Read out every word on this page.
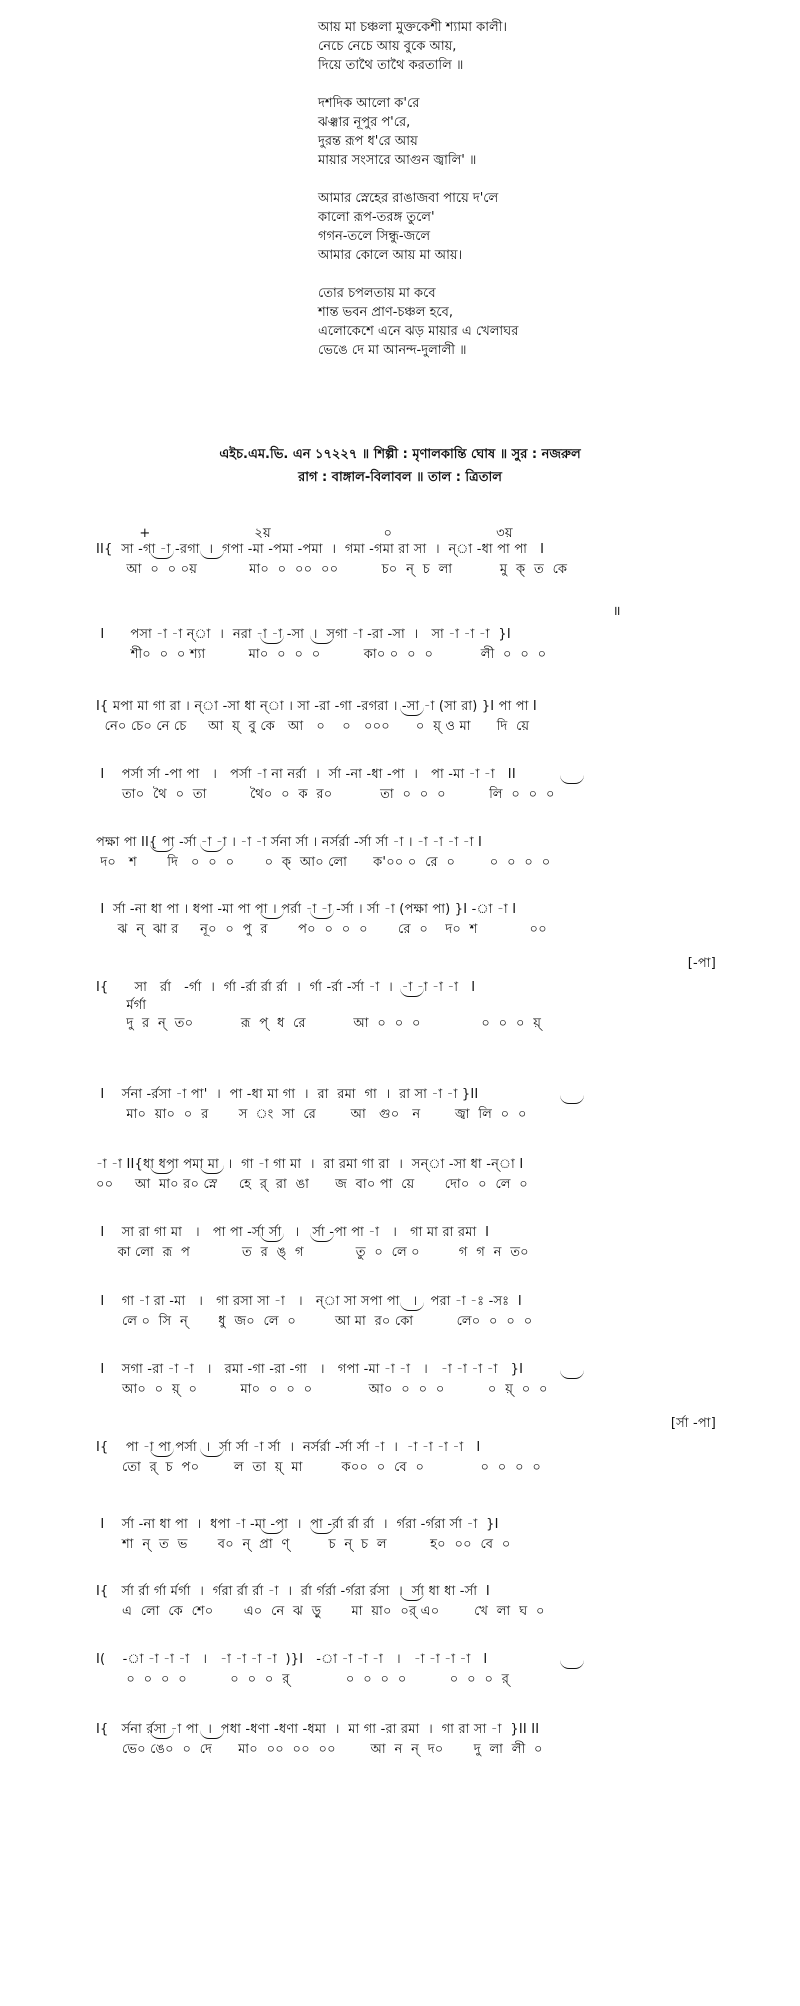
আয় মা চঞ্চলা মুক্তকেশী শ্যামা কালী।
নেচে নেচে আয় বুকে আয়,
দিয়ে তাথৈ তাথৈ করতালি ॥
দশদিক আলো ক'রে
ঝঞ্ঝার নূপুর প'রে,
দুরন্ত রূপ ধ'রে আয়
মায়ার সংসারে আগুন জ্বালি' ॥
আমার স্নেহের রাঙাজবা পায়ে দ'লে
কালো রূপ-তরঙ্গ তুলে'
গগন-তলে সিন্ধু-জলে
আমার কোলে আয় মা আয়।
তোর চপলতায় মা কবে
শান্ত ভবন প্রাণ-চঞ্চল হবে,
এলোকেশে এনে ঝড় মায়ার এ খেলাঘর
ভেঙে দে মা আনন্দ-দুলালী ॥
এইচ.এম.ভি. এন ১৭২২৭ ॥ শিল্পী : মৃণালকান্তি ঘোষ ॥ সুর : নজরুল
রাগ : বাঙ্গাল-বিলাবল ॥ তাল : ত্রিতাল
+                        ২য়                          ০                        ৩য়
II{  সা -গা -া -রগা  ।  গপা -মা -পমা -পমা  ।  গমা -গমা রা সা  ।  ন্া -ধা পা পা   I
আ  ০  ০ ০য়            মা০  ০  ০০  ০০          চ০  ন্  চ  লা           মু  ক্  ত  কে
॥
I      পসা -া -া ন্া  ।  নরা -া -া -সা  ।  সগা -া -রা -সা  ।   সা -া -া -া  }I
শী০  ০  ০ শ্যা          মা০  ০  ০  ০          কা০ ০  ০  ০           লী  ০  ০  ০
I{ মপা মা গা রা । ন্া -সা ধা ন্া । সা -রা -গা -রগরা । -সা -া (সা রা) }I পা পা I
নে০ চে০ নে চে     আ  য়্  বু কে   আ   ০    ০   ০০০      ০  য়্ ও মা      দি  য়ে
I    পর্সা র্সা -পা পা   ।   পর্সা -া না নর্রা  ।  র্সা -না -ধা -পা  ।   পা -মা -া -া   II
তা০  থৈ  ০  তা          থৈ০  ০  ক  র০           তা  ০  ০  ০          লি  ০  ০  ০
পক্ষা পা II{ পা -র্সা -া -া । -া -া র্সনা র্সা । নর্সর্রা -র্সা র্সা -া । -া -া -া -া I
দ০   শ       দি   ০  ০  ০       ০  ক্  আ০ লো      ক'০০ ০  রে  ০        ০  ০  ০  ০
I  র্সা -না ধা পা । ধপা -মা পা পা । পর্রা -া -া -র্সা । র্সা -া (পক্ষা পা) }I -া -া I
ঝ  ন্  ঝা র     নূ০  ০  পু  র       প০  ০  ০  ০       রে  ০    দ০  শ            ০০
[-পা]
I{      সা   র্রা   -র্গা  ।  র্গা -র্রা র্রা র্রা  ।  র্গা -র্রা -র্সা -া  ।  -া -া -া -া   I
র্মর্গা
দু  র  ন্  ত০           রূ  প্  ধ  রে           আ  ০  ০  ০              ০  ০  ০  য়্
I    র্সনা -র্রসা -া পা'  ।  পা -ধা মা গা  ।  রা  রমা  গা  ।  রা সা -া -া }II
মা০  য়া০  ০  র       স  ং  সা  রে        আ   গু০   ন        জ্বা  লি  ০  ০
-া -া II{ধা ধপা পমা মা  ।  গা -া গা মা  ।  রা রমা গা রা  ।  সন্া -সা ধা -ন্া I
০০     আ  মা০ র০ স্নে     হে  র্  রা  ঙা      জ  বা০ পা  য়ে       দো০  ০  লে  ০
I    সা রা গা মা   ।   পা পা -র্সা র্সা   ।   র্সা -পা পা -া   ।   গা মা রা রমা  I
কা লো  রূ  প            ত  র  ঙ্  গ            তু  ০  লে ০         গ  গ  ন  ত০
I    গা -া রা -মা   ।   গা রসা সা -া   ।   ন্া সা সপা পা   ।   পরা -া -ঃ -সঃ  I
লে ০  সি  ন্       ধু  জ০  লে  ০         আ মা  র০ কো          লে০  ০  ০  ০
I    সগা -রা -া -া   ।   রমা -গা -রা -গা   ।   গপা -মা -া -া   ।   -া -া -া -া   }I
আ০  ০  য়্  ০          মা০  ০  ০  ০             আ০  ০  ০  ০          ০  য়্  ০  ০
[র্সা -পা]
I{    পা -া পা পর্সা  ।  র্সা র্সা -া র্সা  ।  নর্সর্রা -র্সা র্সা -া  ।  -া -া -া -া   I
তো  র্  চ  প০        ল  তা  য়্  মা         ক০০  ০  বে  ০             ০  ০  ০  ০
I    র্সা -না ধা পা  ।  ধপা -া -মা -পা  ।  পা -র্রা র্রা র্রা  ।  র্গরা -র্গরা র্সা -া  }I
শা  ন্  ত  ভ       ব০  ন্  প্রা  ণ্         চ  ন্  চ  ল          হ০  ০০  বে  ০
I{   র্সা র্রা র্গা র্মর্গা  ।  র্গরা র্রা র্রা -া  ।  র্রা র্গর্রা -র্গরা র্রসা  ।  র্সা ধা ধা -র্সা  I
এ  লো  কে  শে০       এ০  নে  ঝ  ড়ু       মা  য়া০  ০র্ এ০        খে  লা  ঘ  ০
I(    -া -া -া -া   ।   -া -া -া -া  )}I   -া -া -া -া   ।   -া -া -া -া   I
০  ০  ০  ০          ০  ০  ০  র্             ০  ০  ০  ০          ০  ০  ০  র্
I{   র্সনা র্রসা -া পা  ।  পধা -ধণা -ধণা -ধমা  ।  মা গা -রা রমা  ।  গা রা সা -া  }II II
ভে০ ঙে০  ০  দে      মা০  ০০  ০০  ০০        আ  ন  ন্  দ০       দু  লা  লী  ০
